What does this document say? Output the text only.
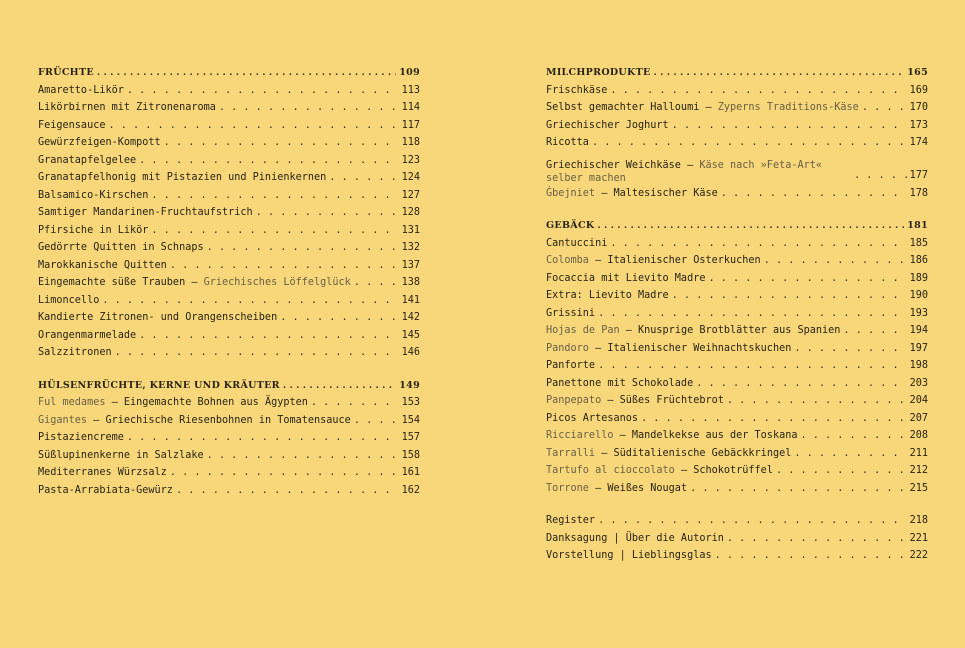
FRÜCHTE . . .	109
Amaretto-Likör . . .	113
Likörbirnen mit Zitronenaroma . . .	114
Feigensauce . . .	117
Gewürzfeigen-Kompott . . .	118
Granatapfelgelee . . .	123
Granatapfelhonig mit Pistazien und Pinienkernen . . .	124
Balsamico-Kirschen . . .	127
Samtiger Mandarinen-Fruchtaufstrich . . .	128
Pfirsiche in Likör . . .	131
Gedörrte Quitten in Schnaps . . .	132
Marokkanische Quitten . . .	137
Eingemachte süße Trauben – Griechisches Löffelglück . . .	138
Limoncello . . .	141
Kandierte Zitronen- und Orangenscheiben . . .	142
Orangenmarmelade . . .	145
Salzzitronen . . .	146
HÜLSENFRÜCHTE, KERNE UND KRÄUTER . . .	149
Ful medames – Eingemachte Bohnen aus Ägypten . . .	153
Gigantes – Griechische Riesenbohnen in Tomatensauce . . .	154
Pistaziencreme . . .	157
Süßlupinenkerne in Salzlake . . .	158
Mediterranes Würzsalz . . .	161
Pasta-Arrabiata-Gewürz . . .	162
MILCHPRODUKTE . . .	165
Frischkäse . . .	169
Selbst gemachter Halloumi – Zyperns Traditions-Käse . . .	170
Griechischer Joghurt . . .	173
Ricotta . . .	174
Griechischer Weichkäse – Käse nach »Feta-Art« selber machen . . .	177
Ġbejniet – Maltesischer Käse . . .	178
GEBÄCK . . .	181
Cantuccini . . .	185
Colomba – Italienischer Osterkuchen . . .	186
Focaccia mit Lievito Madre . . .	189
Extra: Lievito Madre . . .	190
Grissini . . .	193
Hojas de Pan – Knusprige Brotblätter aus Spanien . . .	194
Pandoro – Italienischer Weihnachtskuchen . . .	197
Panforte . . .	198
Panettone mit Schokolade . . .	203
Panpepato – Süßes Früchtebrot . . .	204
Picos Artesanos . . .	207
Ricciarello – Mandelkekse aus der Toskana . . .	208
Tarralli – Süditalienische Gebäckkringel . . .	211
Tartufo al cioccolato – Schokotrüffel . . .	212
Torrone – Weißes Nougat . . .	215
Register . . .	218
Danksagung | Über die Autorin . . .	221
Vorstellung | Lieblingsglas . . .	222
